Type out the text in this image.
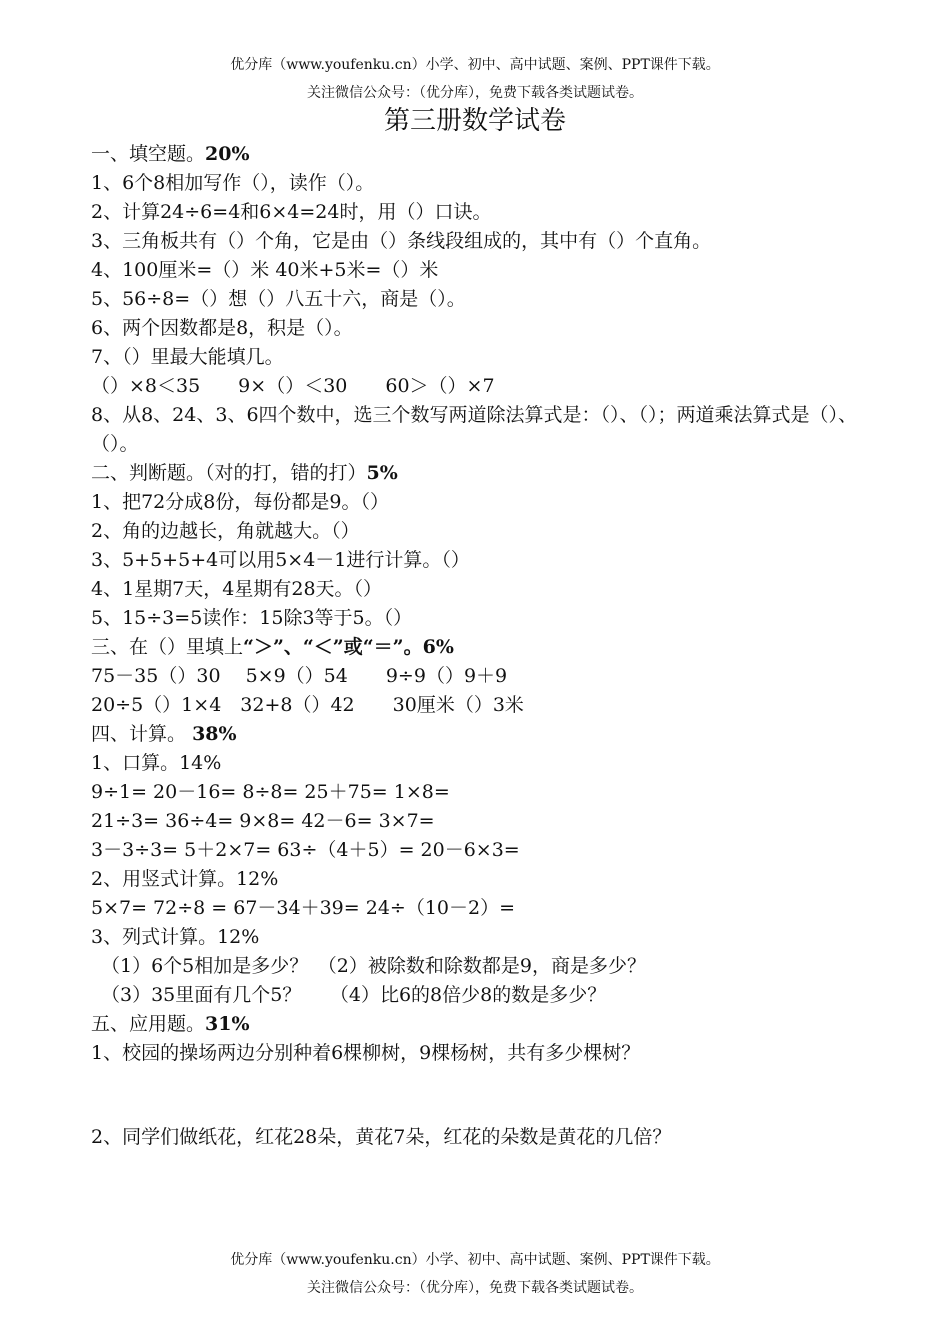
优分库（www.youfenku.cn）小学、初中、高中试题、案例、PPT课件下载。
关注微信公众号：（优分库），免费下载各类试题试卷。
第三册数学试卷
一、填空题。20%
1、6个8相加写作（），读作（）。
2、计算24÷6=4和6×4=24时，用（）口诀。
3、三角板共有（）个角，它是由（）条线段组成的，其中有（）个直角。
4、100厘米=（）米 40米+5米=（）米
5、56÷8=（）想（）八五十六，商是（）。
6、两个因数都是8，积是（）。
7、（）里最大能填几。
（）×8＜35　　9×（）＜30　　60＞（）×7
8、从8、24、3、6四个数中，选三个数写两道除法算式是：（）、（）；两道乘法算式是（）、（）。
二、判断题。（对的打，错的打）5%
1、把72分成8份，每份都是9。（）
2、角的边越长，角就越大。（）
3、5+5+5+4可以用5×4－1进行计算。（）
4、1星期7天，4星期有28天。（）
5、15÷3=5读作：15除3等于5。（）
三、在（）里填上“＞”、“＜”或“＝”。6%
75－35（）30　 5×9（）54　　9÷9（）9＋9
20÷5（）1×4　32+8（）42　　30厘米（）3米
四、计算。 38%
1、口算。14%
9÷1= 20－16= 8÷8= 25＋75= 1×8=
21÷3= 36÷4= 9×8= 42－6= 3×7=
3－3÷3= 5＋2×7= 63÷（4＋5）= 20－6×3=
2、用竖式计算。12%
5×7= 72÷8 = 67－34＋39= 24÷（10－2）=
3、列式计算。12%
（1）6个5相加是多少？　（2）被除数和除数都是9，商是多少？
（3）35里面有几个5？　　（4）比6的8倍少8的数是多少？
五、应用题。31%
1、校园的操场两边分别种着6棵柳树，9棵杨树，共有多少棵树？
2、同学们做纸花，红花28朵，黄花7朵，红花的朵数是黄花的几倍？
优分库（www.youfenku.cn）小学、初中、高中试题、案例、PPT课件下载。
关注微信公众号：（优分库），免费下载各类试题试卷。
